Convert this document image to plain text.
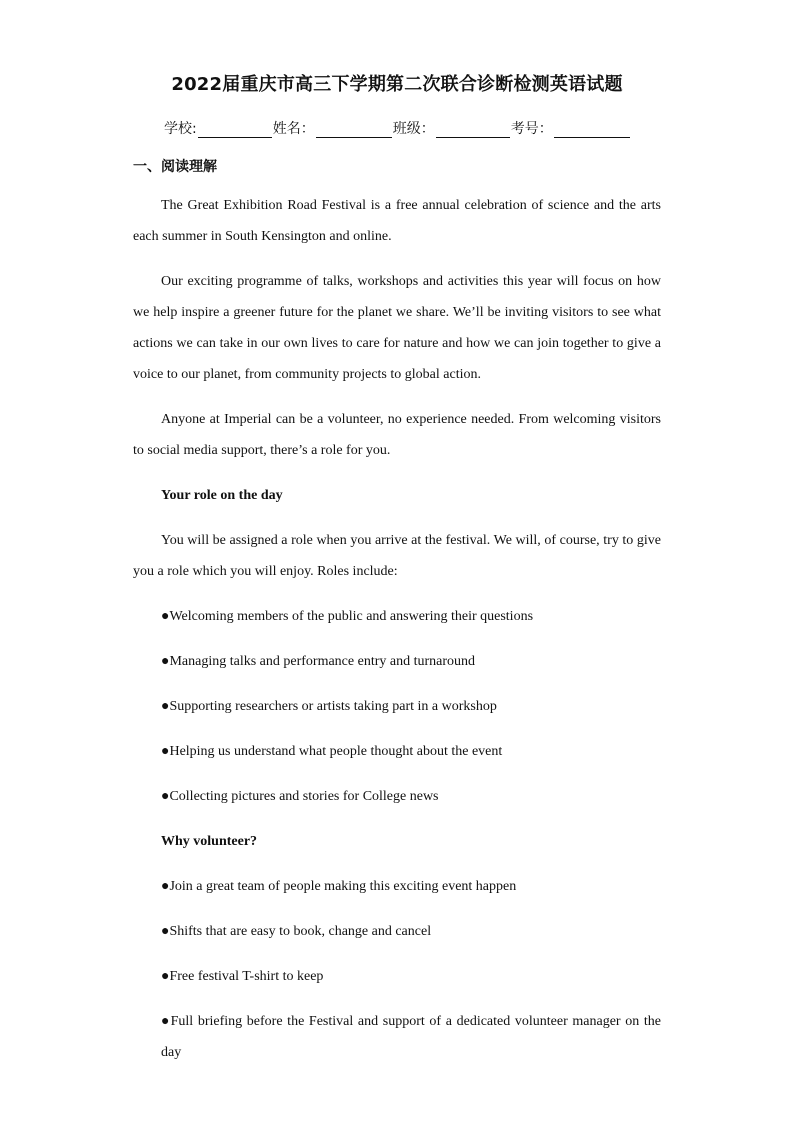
2022届重庆市高三下学期第二次联合诊断检测英语试题
学校:	姓名：	班级：	考号：
一、阅读理解

The Great Exhibition Road Festival is a free annual celebration of science and the arts each summer in South Kensington and online.

Our exciting programme of talks, workshops and activities this year will focus on how we help inspire a greener future for the planet we share. We’ll be inviting visitors to see what actions we can take in our own lives to care for nature and how we can join together to give a voice to our planet, from community projects to global action.

Anyone at Imperial can be a volunteer, no experience needed. From welcoming visitors to social media support, there’s a role for you.

Your role on the day

You will be assigned a role when you arrive at the festival. We will, of course, try to give you a role which you will enjoy. Roles include:

●Welcoming members of the public and answering their questions
●Managing talks and performance entry and turnaround
●Supporting researchers or artists taking part in a workshop
●Helping us understand what people thought about the event
●Collecting pictures and stories for College news
Why volunteer?
●Join a great team of people making this exciting event happen
●Shifts that are easy to book, change and cancel
●Free festival T-shirt to keep
●Full briefing before the Festival and support of a dedicated volunteer manager on the day
